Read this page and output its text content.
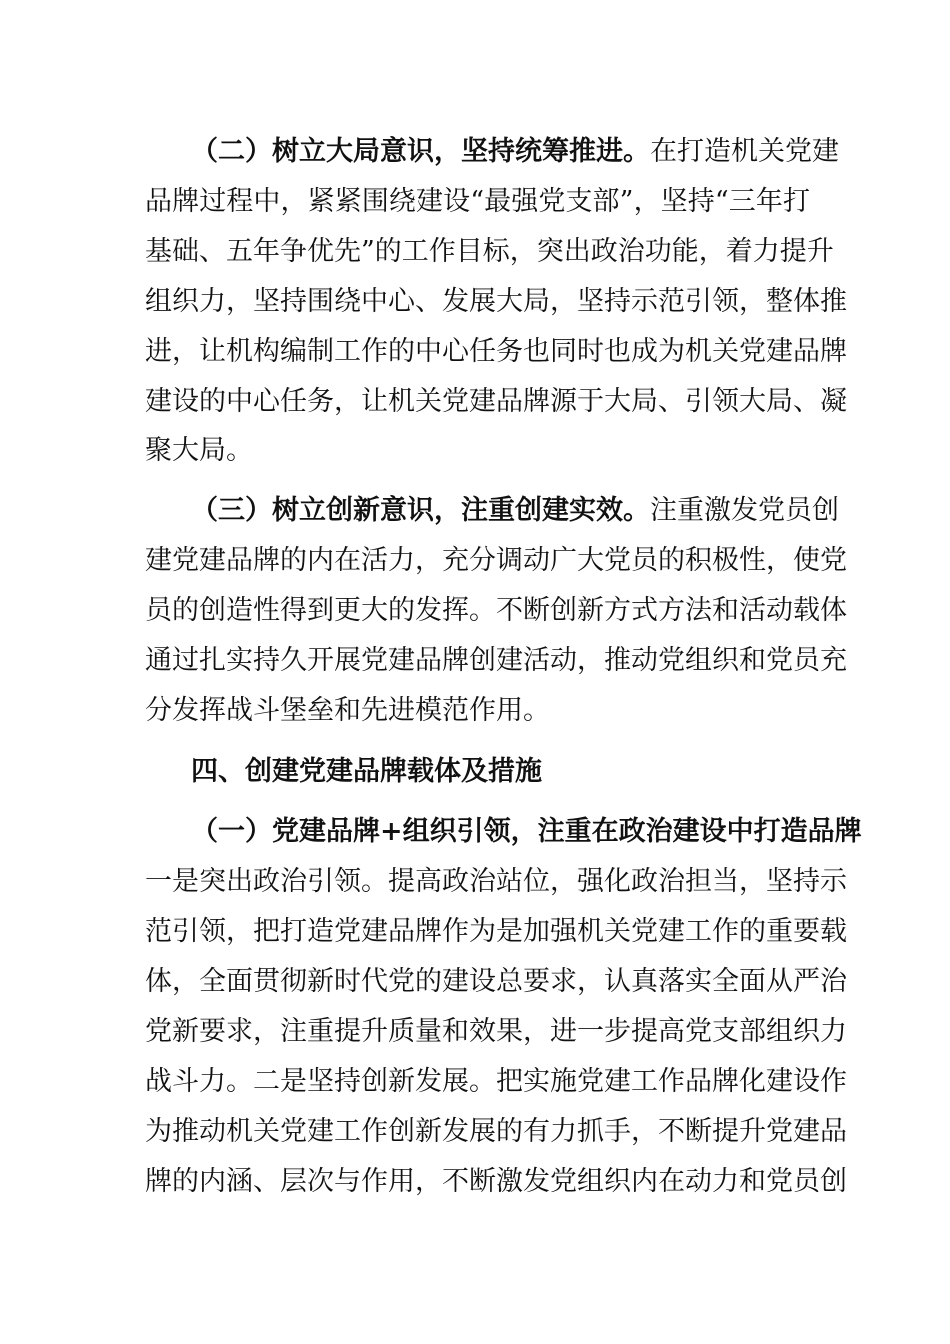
（二）树立大局意识，坚持统筹推进。在打造机关党建
品牌过程中，紧紧围绕建设“最强党支部”，坚持“三年打
基础、五年争优先”的工作目标，突出政治功能，着力提升
组织力，坚持围绕中心、发展大局，坚持示范引领，整体推
进，让机构编制工作的中心任务也同时也成为机关党建品牌
建设的中心任务，让机关党建品牌源于大局、引领大局、凝
聚大局。
（三）树立创新意识，注重创建实效。注重激发党员创
建党建品牌的内在活力，充分调动广大党员的积极性，使党
员的创造性得到更大的发挥。不断创新方式方法和活动载体
通过扎实持久开展党建品牌创建活动，推动党组织和党员充
分发挥战斗堡垒和先进模范作用。
四、创建党建品牌载体及措施
（一）党建品牌+组织引领，注重在政治建设中打造品牌
一是突出政治引领。提高政治站位，强化政治担当，坚持示
范引领，把打造党建品牌作为是加强机关党建工作的重要载
体，全面贯彻新时代党的建设总要求，认真落实全面从严治
党新要求，注重提升质量和效果，进一步提高党支部组织力
战斗力。二是坚持创新发展。把实施党建工作品牌化建设作
为推动机关党建工作创新发展的有力抓手，不断提升党建品
牌的内涵、层次与作用，不断激发党组织内在动力和党员创
